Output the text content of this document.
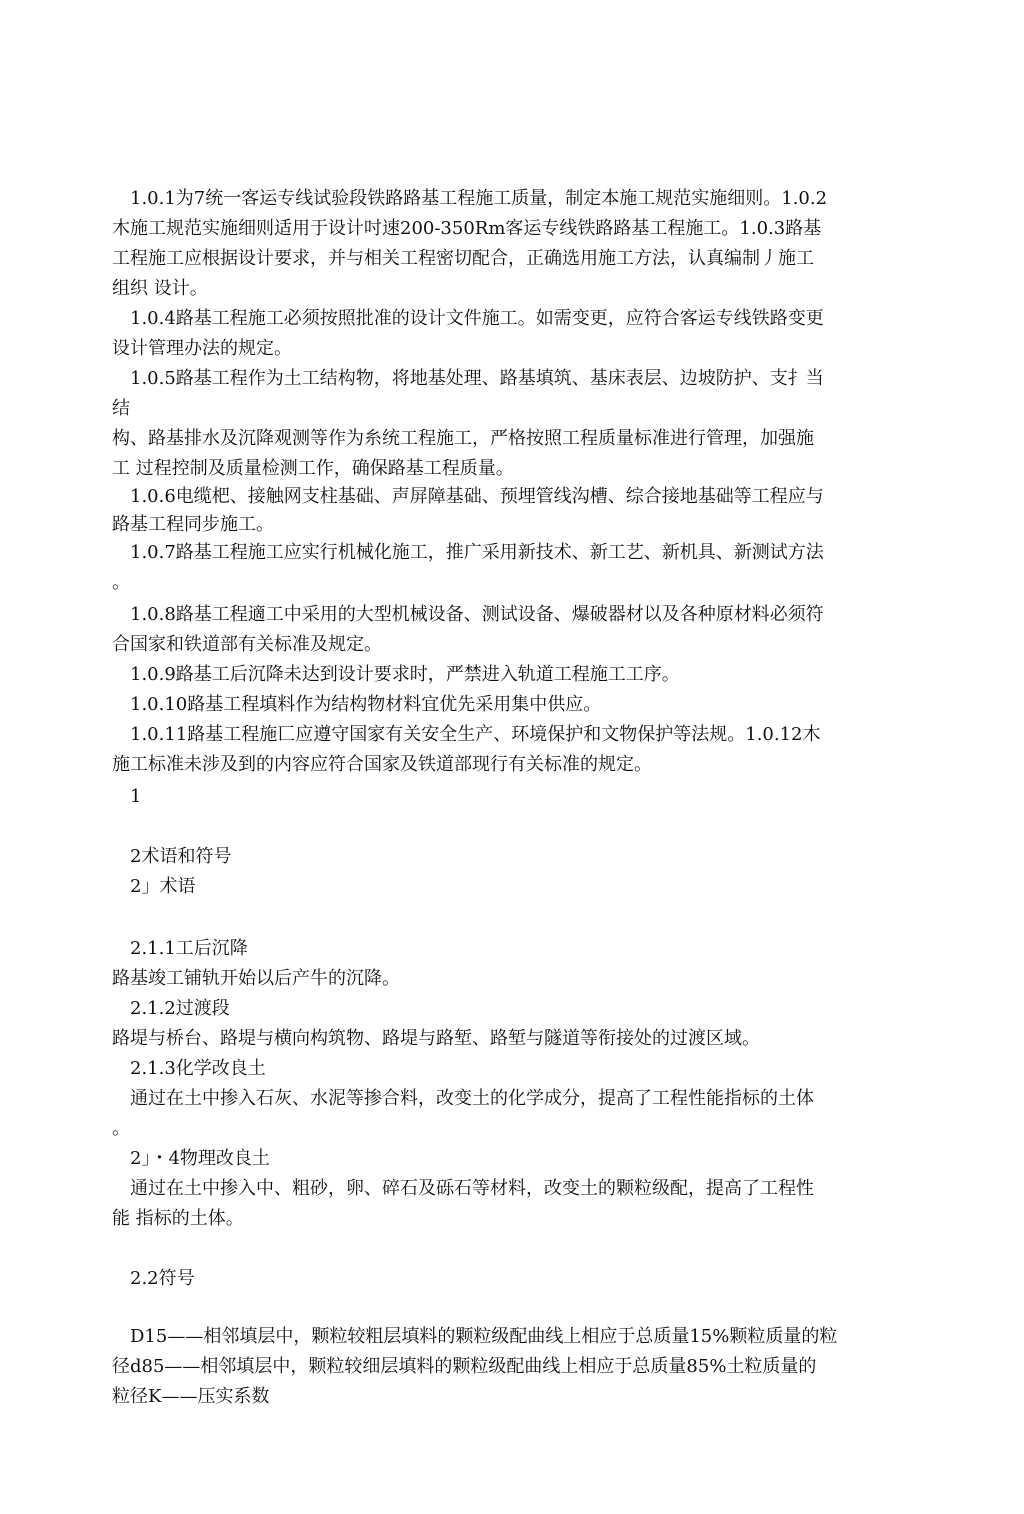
1.0.1为7统一客运专线试验段铁路路基工程施工质量，制定本施工规范实施细则。1.0.2

木施工规范实施细则适用于设计吋速200-350Rm客运专线铁路路基工程施工。1.0.3路基

工程施工应根据设计要求，并与相关工程密切配合，正确选用施工方法，认真编制丿施工

组织 设计。

1.0.4路基工程施工必须按照批准的设计文件施工。如需变更，应符合客运专线铁路变更

设计管理办法的规定。

1.0.5路基工程作为土工结构物，将地基处理、路基填筑、基床表层、边坡防护、支扌当

结

构、路基排水及沉降观测等作为糸统工程施工，严格按照工程质量标准进行管理，加强施

工 过程控制及质量检测工作，确保路基工程质量。

1.0.6电缆杷、接触网支柱基础、声屏障基础、预埋管线沟槽、综合接地基础等工程应与

路基工程同步施工。

1.0.7路基工程施工应实行机械化施工，推广采用新技术、新工艺、新机具、新测试方法

。

1.0.8路基工程適工中采用的大型机械设备、测试设备、爆破器材以及各种原材料必须符

合国家和铁道部有关标准及规定。

1.0.9路基工后沉降未达到设计要求时，严禁进入轨道工程施工工序。

1.0.10路基工程填料作为结构物材料宜优先采用集中供应。

1.0.11路基工程施匸应遵守国家有关安全生产、环境保护和文物保护等法规。1.0.12木

施工标准未涉及到的内容应符合国家及铁道部现行有关标准的规定。

1

2术语和符号

2」术语

2.1.1工后沉降

路基竣工铺轨开始以后产牛的沉降。

2.1.2过渡段

路堤与桥台、路堤与横向构筑物、路堤与路堑、路堑与隧道等衔接处的过渡区域。

2.1.3化学改良土

通过在土中掺入石灰、水泥等掺合料，改变土的化学成分，提高了工程性能指标的土体

。

2」・4物理改良土

通过在土中掺入中、粗砂，卵、碎石及砾石等材料，改变土的颗粒级配，提高了工程性

能 指标的土体。

2.2符号

D15——相邻填层中，颗粒较粗层填料的颗粒级配曲线上相应于总质量15%颗粒质量的粒

径d85——相邻填层中，颗粒较细层填料的颗粒级配曲线上相应于总质量85%土粒质量的

粒径K——压实系数
